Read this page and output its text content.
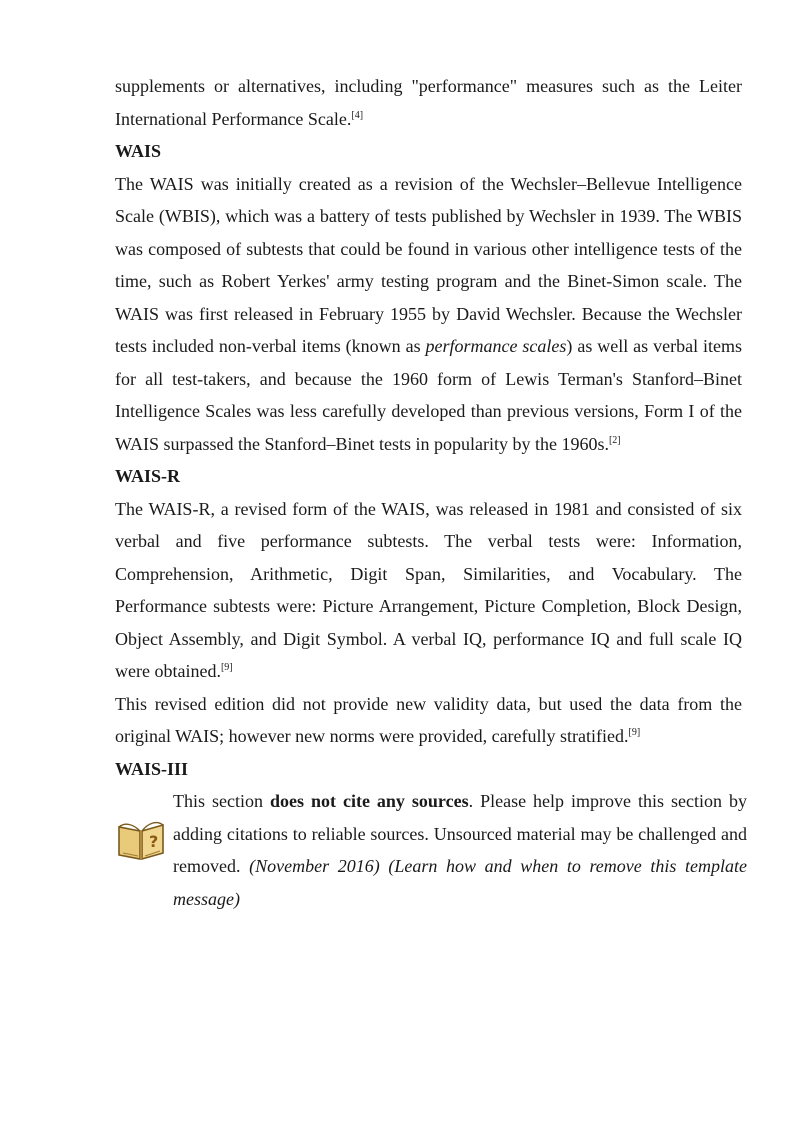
supplements or alternatives, including "performance" measures such as the Leiter International Performance Scale.[4]

WAIS

The WAIS was initially created as a revision of the Wechsler–Bellevue Intelligence Scale (WBIS), which was a battery of tests published by Wechsler in 1939. The WBIS was composed of subtests that could be found in various other intelligence tests of the time, such as Robert Yerkes' army testing program and the Binet-Simon scale. The WAIS was first released in February 1955 by David Wechsler. Because the Wechsler tests included non-verbal items (known as performance scales) as well as verbal items for all test-takers, and because the 1960 form of Lewis Terman's Stanford–Binet Intelligence Scales was less carefully developed than previous versions, Form I of the WAIS surpassed the Stanford–Binet tests in popularity by the 1960s.[2]

WAIS-R

The WAIS-R, a revised form of the WAIS, was released in 1981 and consisted of six verbal and five performance subtests. The verbal tests were: Information, Comprehension, Arithmetic, Digit Span, Similarities, and Vocabulary. The Performance subtests were: Picture Arrangement, Picture Completion, Block Design, Object Assembly, and Digit Symbol. A verbal IQ, performance IQ and full scale IQ were obtained.[9]

This revised edition did not provide new validity data, but used the data from the original WAIS; however new norms were provided, carefully stratified.[9]

WAIS-III
?

This section does not cite any sources. Please help improve this section by adding citations to reliable sources. Unsourced material may be challenged and removed. (November 2016) (Learn how and when to remove this template message)
